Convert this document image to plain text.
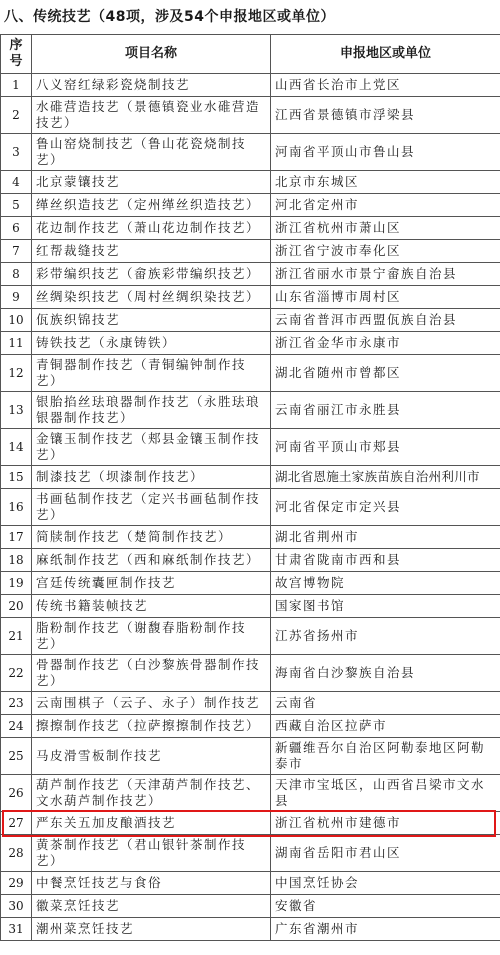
八、传统技艺（48项，涉及54个申报地区或单位）
序号	项目名称	申报地区或单位
1	八义窑红绿彩瓷烧制技艺	山西省长治市上党区
2	水碓营造技艺（景德镇瓷业水碓营造技艺）	江西省景德镇市浮梁县
3	鲁山窑烧制技艺（鲁山花瓷烧制技艺）	河南省平顶山市鲁山县
4	北京蒙镶技艺	北京市东城区
5	缂丝织造技艺（定州缂丝织造技艺）	河北省定州市
6	花边制作技艺（萧山花边制作技艺）	浙江省杭州市萧山区
7	红帮裁缝技艺	浙江省宁波市奉化区
8	彩带编织技艺（畲族彩带编织技艺）	浙江省丽水市景宁畲族自治县
9	丝绸染织技艺（周村丝绸织染技艺）	山东省淄博市周村区
10	佤族织锦技艺	云南省普洱市西盟佤族自治县
11	铸铁技艺（永康铸铁）	浙江省金华市永康市
12	青铜器制作技艺（青铜编钟制作技艺）	湖北省随州市曾都区
13	银胎掐丝珐琅器制作技艺（永胜珐琅银器制作技艺）	云南省丽江市永胜县
14	金镶玉制作技艺（郏县金镶玉制作技艺）	河南省平顶山市郏县
15	制漆技艺（坝漆制作技艺）	湖北省恩施土家族苗族自治州利川市
16	书画毡制作技艺（定兴书画毡制作技艺）	河北省保定市定兴县
17	简牍制作技艺（楚简制作技艺）	湖北省荆州市
18	麻纸制作技艺（西和麻纸制作技艺）	甘肃省陇南市西和县
19	宫廷传统囊匣制作技艺	故宫博物院
20	传统书籍装帧技艺	国家图书馆
21	脂粉制作技艺（谢馥春脂粉制作技艺）	江苏省扬州市
22	骨器制作技艺（白沙黎族骨器制作技艺）	海南省白沙黎族自治县
23	云南围棋子（云子、永子）制作技艺	云南省
24	擦擦制作技艺（拉萨擦擦制作技艺）	西藏自治区拉萨市
25	马皮滑雪板制作技艺	新疆维吾尔自治区阿勒泰地区阿勒泰市
26	葫芦制作技艺（天津葫芦制作技艺、文水葫芦制作技艺）	天津市宝坻区，山西省吕梁市文水县
27	严东关五加皮酿酒技艺	浙江省杭州市建德市
28	黄茶制作技艺（君山银针茶制作技艺）	湖南省岳阳市君山区
29	中餐烹饪技艺与食俗	中国烹饪协会
30	徽菜烹饪技艺	安徽省
31	潮州菜烹饪技艺	广东省潮州市
